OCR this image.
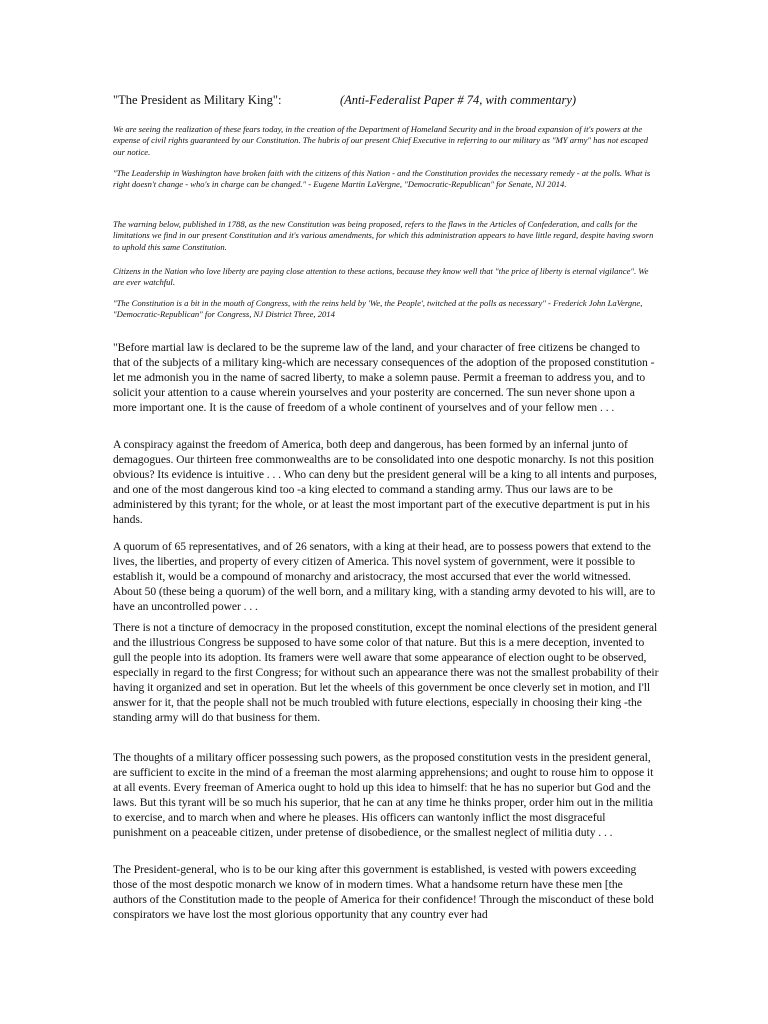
"The President as Military King":	(Anti-Federalist Paper # 74, with commentary)
We are seeing the realization of these fears today, in the creation of the Department of Homeland Security and in the broad expansion of it's powers at the expense of civil rights guaranteed by our Constitution. The hubris of our present Chief Executive in referring to our military as "MY army" has not escaped our notice.
"The Leadership in Washington have broken faith with the citizens of this Nation - and the Constitution provides the necessary remedy - at the polls. What is right doesn't change - who's in charge can be changed." - Eugene Martin LaVergne, "Democratic-Republican" for Senate, NJ 2014.
The warning below, published in 1788, as the new Constitution was being proposed, refers to the flaws in the Articles of Confederation, and calls for the limitations we find in our present Constitution and it's various amendments, for which this administration appears to have little regard, despite having sworn to uphold this same Constitution.
Citizens in the Nation who love liberty are paying close attention to these actions, because they know well that "the price of liberty is eternal vigilance". We are ever watchful.
"The Constitution is a bit in the mouth of Congress, with the reins held by 'We, the People', twitched at the polls as necessary" - Frederick John LaVergne, "Democratic-Republican" for Congress, NJ District Three, 2014
"Before martial law is declared to be the supreme law of the land, and your character of free citizens be changed to that of the subjects of a military king-which are necessary consequences of the adoption of the proposed constitution - let me admonish you in the name of sacred liberty, to make a solemn pause. Permit a freeman to address you, and to solicit your attention to a cause wherein yourselves and your posterity are concerned. The sun never shone upon a more important one. It is the cause of freedom of a whole continent of yourselves and of your fellow men . . .
A conspiracy against the freedom of America, both deep and dangerous, has been formed by an infernal junto of demagogues. Our thirteen free commonwealths are to be consolidated into one despotic monarchy. Is not this position obvious? Its evidence is intuitive . . . Who can deny but the president general will be a king to all intents and purposes, and one of the most dangerous kind too -a king elected to command a standing army. Thus our laws are to be administered by this tyrant; for the whole, or at least the most important part of the executive department is put in his hands.
A quorum of 65 representatives, and of 26 senators, with a king at their head, are to possess powers that extend to the lives, the liberties, and property of every citizen of America. This novel system of government, were it possible to establish it, would be a compound of monarchy and aristocracy, the most accursed that ever the world witnessed. About 50 (these being a quorum) of the well born, and a military king, with a standing army devoted to his will, are to have an uncontrolled power . . .
There is not a tincture of democracy in the proposed constitution, except the nominal elections of the president general and the illustrious Congress be supposed to have some color of that nature. But this is a mere deception, invented to gull the people into its adoption. Its framers were well aware that some appearance of election ought to be observed, especially in regard to the first Congress; for without such an appearance there was not the smallest probability of their having it organized and set in operation. But let the wheels of this government be once cleverly set in motion, and I'll answer for it, that the people shall not be much troubled with future elections, especially in choosing their king -the standing army will do that business for them.
The thoughts of a military officer possessing such powers, as the proposed constitution vests in the president general, are sufficient to excite in the mind of a freeman the most alarming apprehensions; and ought to rouse him to oppose it at all events. Every freeman of America ought to hold up this idea to himself: that he has no superior but God and the laws. But this tyrant will be so much his superior, that he can at any time he thinks proper, order him out in the militia to exercise, and to march when and where he pleases. His officers can wantonly inflict the most disgraceful punishment on a peaceable citizen, under pretense of disobedience, or the smallest neglect of militia duty . . .
The President-general, who is to be our king after this government is established, is vested with powers exceeding those of the most despotic monarch we know of in modern times. What a handsome return have these men [the authors of the Constitution made to the people of America for their confidence! Through the misconduct of these bold conspirators we have lost the most glorious opportunity that any country ever had
